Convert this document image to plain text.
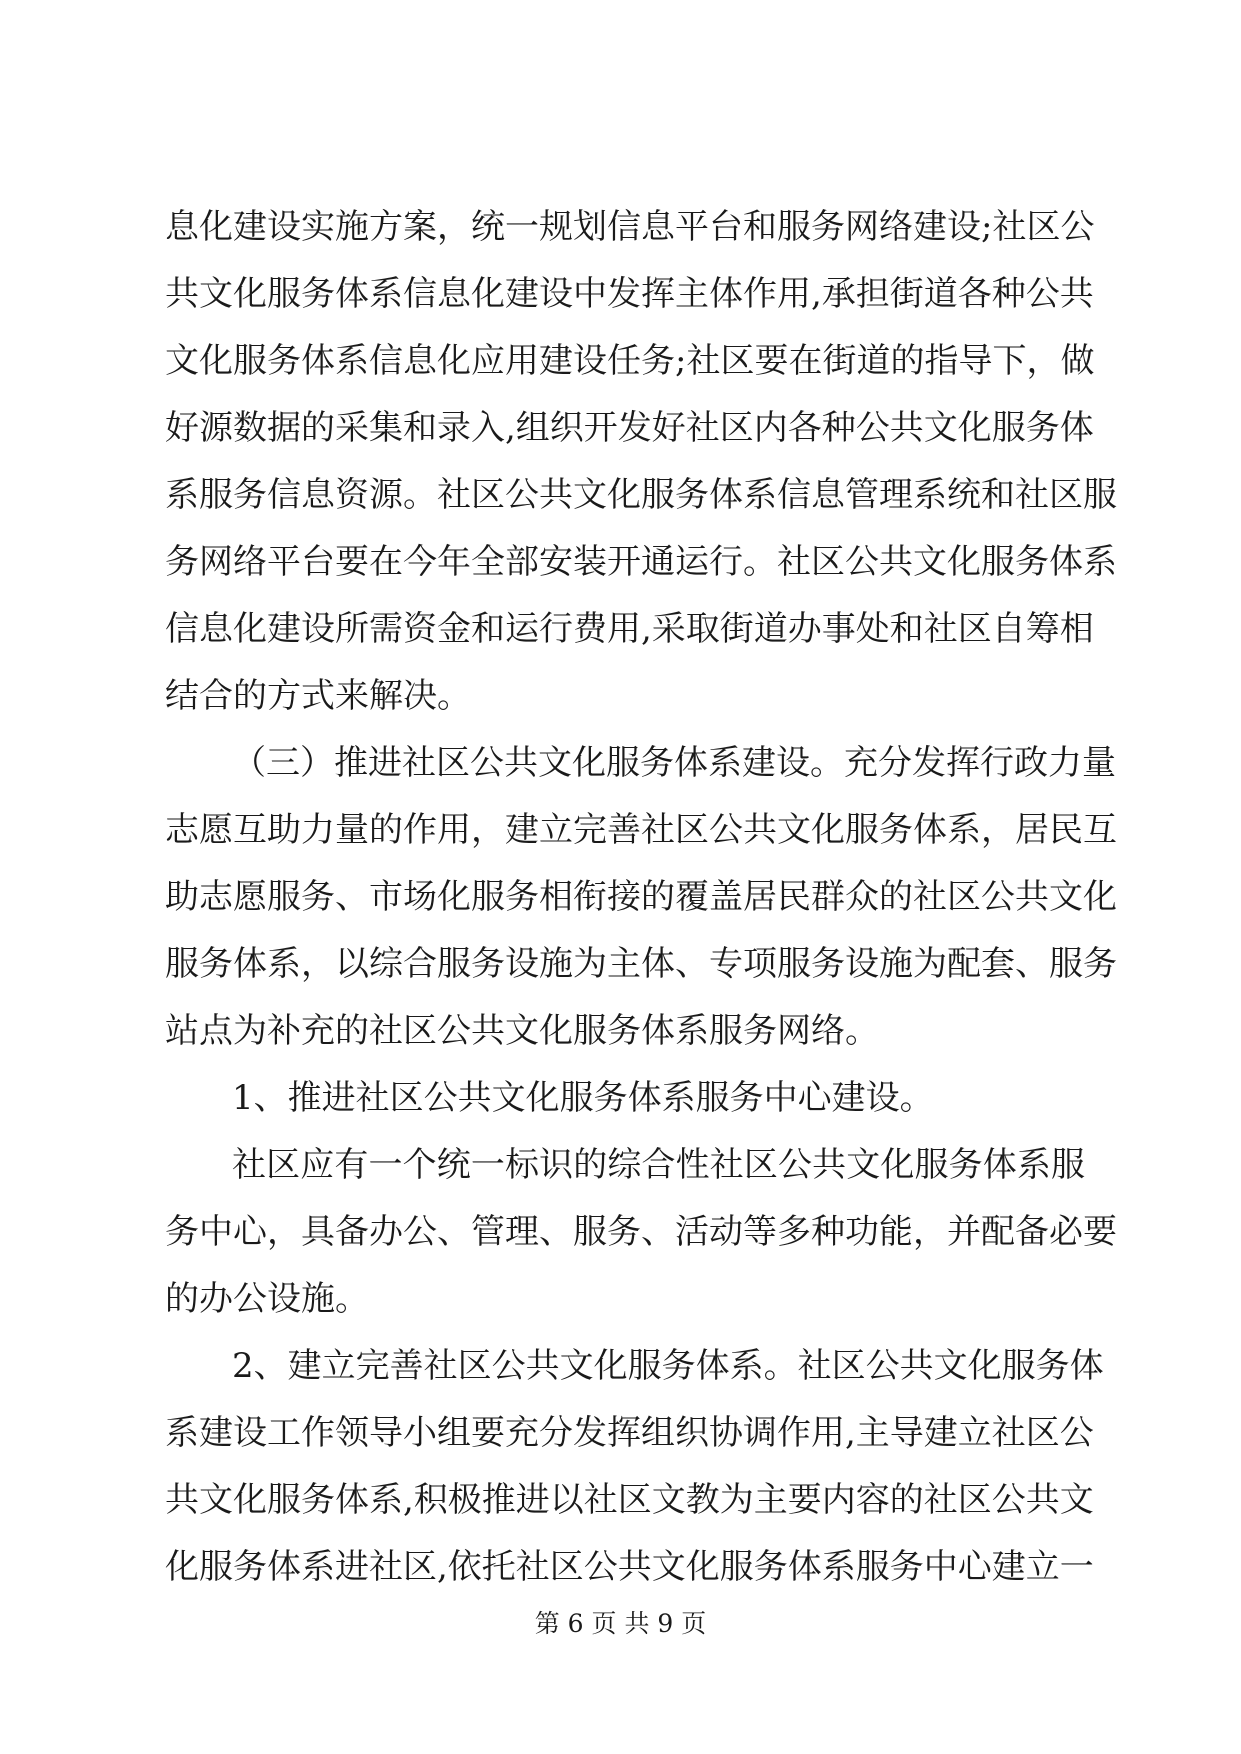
息化建设实施方案，统一规划信息平台和服务网络建设;社区公
共文化服务体系信息化建设中发挥主体作用,承担街道各种公共
文化服务体系信息化应用建设任务;社区要在街道的指导下，做
好源数据的采集和录入,组织开发好社区内各种公共文化服务体
系服务信息资源。社区公共文化服务体系信息管理系统和社区服
务网络平台要在今年全部安装开通运行。社区公共文化服务体系
信息化建设所需资金和运行费用,采取街道办事处和社区自筹相
结合的方式来解决。
（三）推进社区公共文化服务体系建设。充分发挥行政力量
志愿互助力量的作用，建立完善社区公共文化服务体系，居民互
助志愿服务、市场化服务相衔接的覆盖居民群众的社区公共文化
服务体系，以综合服务设施为主体、专项服务设施为配套、服务
站点为补充的社区公共文化服务体系服务网络。
1、推进社区公共文化服务体系服务中心建设。
社区应有一个统一标识的综合性社区公共文化服务体系服
务中心，具备办公、管理、服务、活动等多种功能，并配备必要
的办公设施。
2、建立完善社区公共文化服务体系。社区公共文化服务体
系建设工作领导小组要充分发挥组织协调作用,主导建立社区公
共文化服务体系,积极推进以社区文教为主要内容的社区公共文
化服务体系进社区,依托社区公共文化服务体系服务中心建立一
第 6 页 共 9 页
